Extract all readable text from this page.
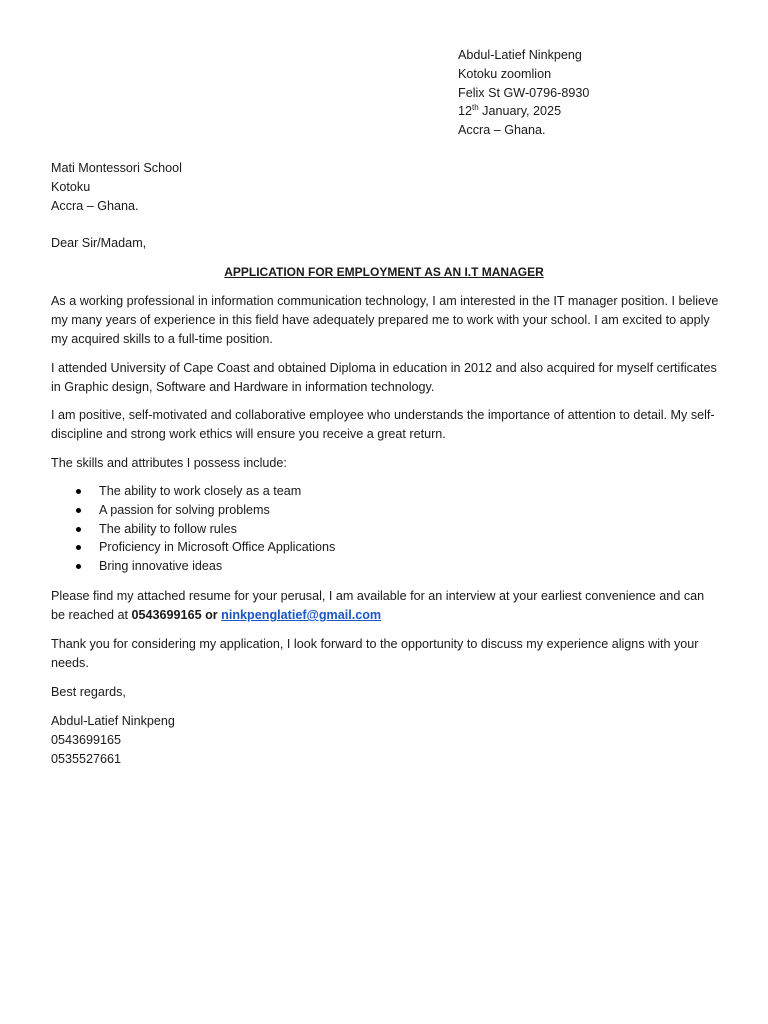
Abdul-Latief Ninkpeng
Kotoku zoomlion
Felix St GW-0796-8930
12th January, 2025
Accra – Ghana.
Mati Montessori School
Kotoku
Accra – Ghana.
Dear Sir/Madam,
APPLICATION FOR EMPLOYMENT AS AN I.T MANAGER

As a working professional in information communication technology, I am interested in the IT manager position. I believe my many years of experience in this field have adequately prepared me to work with your school. I am excited to apply my acquired skills to a full-time position.

I attended University of Cape Coast and obtained Diploma in education in 2012 and also acquired for myself certificates in Graphic design, Software and Hardware in information technology.

I am positive, self-motivated and collaborative employee who understands the importance of attention to detail. My self-discipline and strong work ethics will ensure you receive a great return.

The skills and attributes I possess include:

The ability to work closely as a team
A passion for solving problems
The ability to follow rules
Proficiency in Microsoft Office Applications
Bring innovative ideas

Please find my attached resume for your perusal, I am available for an interview at your earliest convenience and can be reached at 0543699165 or ninkpenglatief@gmail.com

Thank you for considering my application, I look forward to the opportunity to discuss my experience aligns with your needs.

Best regards,

Abdul-Latief Ninkpeng
0543699165
0535527661
